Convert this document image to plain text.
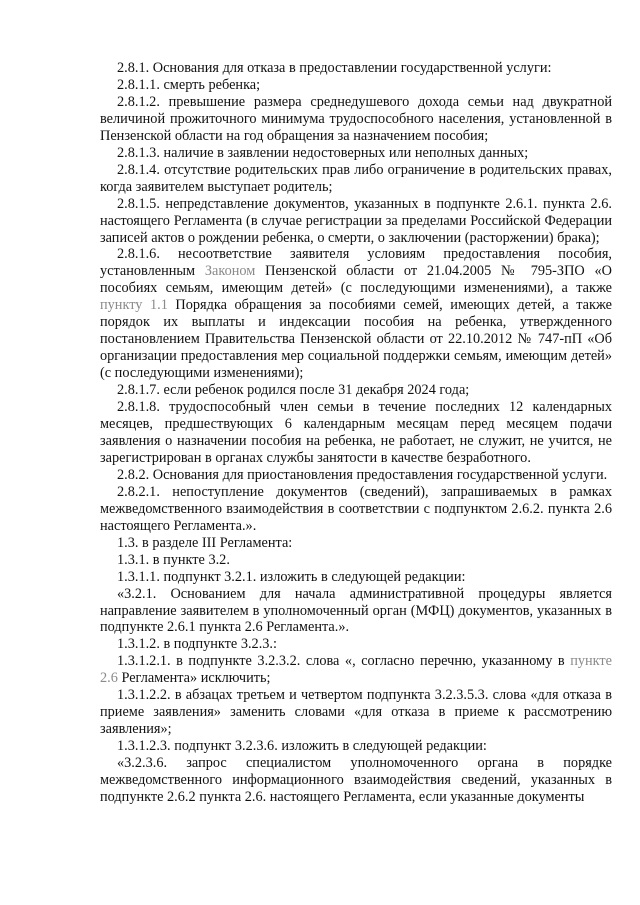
2.8.1. Основания для отказа в предоставлении государственной услуги:

2.8.1.1. смерть ребенка;

2.8.1.2. превышение размера среднедушевого дохода семьи над двукратной величиной прожиточного минимума трудоспособного населения, установленной в Пензенской области на год обращения за назначением пособия;

2.8.1.3. наличие в заявлении недостоверных или неполных данных;

2.8.1.4. отсутствие родительских прав либо ограничение в родительских правах, когда заявителем выступает родитель;

2.8.1.5. непредставление документов, указанных в подпункте 2.6.1. пункта 2.6. настоящего Регламента (в случае регистрации за пределами Российской Федерации записей актов о рождении ребенка, о смерти, о заключении (расторжении) брака);

2.8.1.6. несоответствие заявителя условиям предоставления пособия, установленным Законом Пензенской области от 21.04.2005 № 795-ЗПО «О пособиях семьям, имеющим детей» (с последующими изменениями), а также пункту 1.1 Порядка обращения за пособиями семей, имеющих детей, а также порядок их выплаты и индексации пособия на ребенка, утвержденного постановлением Правительства Пензенской области от 22.10.2012 № 747-пП «Об организации предоставления мер социальной поддержки семьям, имеющим детей» (с последующими изменениями);

2.8.1.7. если ребенок родился после 31 декабря 2024 года;

2.8.1.8. трудоспособный член семьи в течение последних 12 календарных месяцев, предшествующих 6 календарным месяцам перед месяцем подачи заявления о назначении пособия на ребенка, не работает, не служит, не учится, не зарегистрирован в органах службы занятости в качестве безработного.

2.8.2. Основания для приостановления предоставления государственной услуги.

2.8.2.1. непоступление документов (сведений), запрашиваемых в рамках межведомственного взаимодействия в соответствии с подпунктом 2.6.2. пункта 2.6 настоящего Регламента.».

1.3. в разделе III Регламента:

1.3.1. в пункте 3.2.

1.3.1.1. подпункт 3.2.1. изложить в следующей редакции:

«3.2.1. Основанием для начала административной процедуры является направление заявителем в уполномоченный орган (МФЦ) документов, указанных в подпункте 2.6.1 пункта 2.6 Регламента.».

1.3.1.2. в подпункте 3.2.3.:

1.3.1.2.1. в подпункте 3.2.3.2. слова «, согласно перечню, указанному в пункте 2.6 Регламента» исключить;

1.3.1.2.2. в абзацах третьем и четвертом подпункта 3.2.3.5.3. слова «для отказа в приеме заявления» заменить словами «для отказа в приеме к рассмотрению заявления»;

1.3.1.2.3. подпункт 3.2.3.6. изложить в следующей редакции:

«3.2.3.6. запрос специалистом уполномоченного органа в порядке межведомственного информационного взаимодействия сведений, указанных в подпункте 2.6.2 пункта 2.6. настоящего Регламента, если указанные документы
